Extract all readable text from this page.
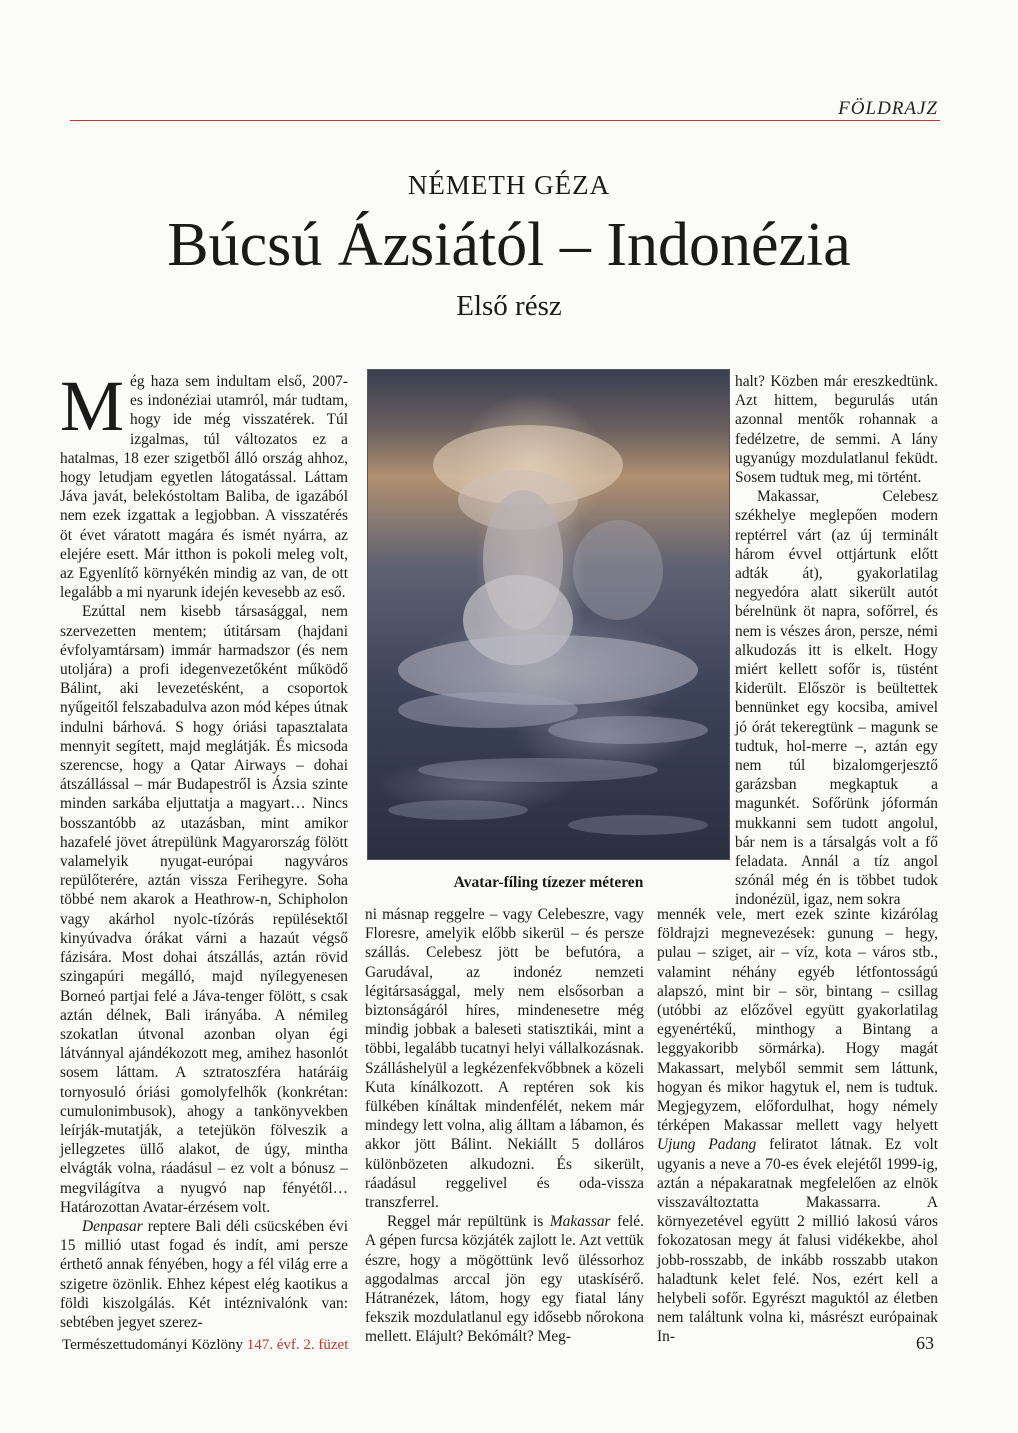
FÖLDRAJZ
NÉMETH GÉZA
Búcsú Ázsiától – Indonézia
Első rész

Még haza sem indultam első, 2007-es indonéziai utamról, már tudtam, hogy ide még visszatérek. Túl izgalmas, túl változatos ez a hatalmas, 18 ezer szigetből álló ország ahhoz, hogy letudjam egyetlen látogatással. Láttam Jáva javát, belekóstoltam Baliba, de igazából nem ezek izgattak a legjobban. A visszatérés öt évet váratott magára és ismét nyárra, az elejére esett. Már itthon is pokoli meleg volt, az Egyenlítő környékén mindig az van, de ott legalább a mi nyarunk idején kevesebb az eső.

Ezúttal nem kisebb társasággal, nem szervezetten mentem; útitársam (hajdani évfolyamtársam) immár harmadszor (és nem utoljára) a profi idegenvezetőként működő Bálint, aki levezetésként, a csoportok nyűgeitől felszabadulva azon mód képes útnak indulni bárhová. S hogy óriási tapasztalata mennyit segített, majd meglátják. És micsoda szerencse, hogy a Qatar Airways – dohai átszállással – már Budapestről is Ázsia szinte minden sarkába eljuttatja a magyart… Nincs bosszantóbb az utazásban, mint amikor hazafelé jövet átrepülünk Magyarország fölött valamelyik nyugat-európai nagyváros repülőterére, aztán vissza Ferihegyre. Soha többé nem akarok a Heathrow-n, Schipholon vagy akárhol nyolc-tízórás repülésektől kinyúvadva órákat várni a hazaút végső fázisára. Most dohai átszállás, aztán rövid szingapúri megálló, majd nyílegyenesen Borneó partjai felé a Jáva-tenger fölött, s csak aztán délnek, Bali irányába. A némileg szokatlan útvonal azonban olyan égi látvánnyal ajándékozott meg, amihez hasonlót sosem láttam. A sztratoszféra határáig tornyosuló óriási gomolyfelhők (konkrétan: cumulonimbusok), ahogy a tankönyvekben leírják-mutatják, a tetejükön fölveszik a jellegzetes üllő alakot, de úgy, mintha elvágták volna, ráadásul – ez volt a bónusz – megvilágítva a nyugvó nap fényétől… Határozottan Avatar-érzésem volt.

Denpasar reptere Bali déli csücskében évi 15 millió utast fogad és indít, ami persze érthető annak fényében, hogy a fél világ erre a szigetre özönlik. Ehhez képest elég kaotikus a földi kiszolgálás. Két intéznivalónk van: sebtében jegyet szerez-

Avatar-fíling tízezer méteren

ni másnap reggelre – vagy Celebeszre, vagy Floresre, amelyik előbb sikerül – és persze szállás. Celebesz jött be befutóra, a Garudával, az indonéz nemzeti légitársasággal, mely nem elsősorban a biztonságáról híres, mindenesetre még mindig jobbak a baleseti statisztikái, mint a többi, legalább tucatnyi helyi vállalkozásnak. Szálláshelyül a legkézenfekvőbbnek a közeli Kuta kínálkozott. A reptéren sok kis fülkében kínáltak mindenfélét, nekem már mindegy lett volna, alig álltam a lábamon, és akkor jött Bálint. Nekiállt 5 dolláros különbözeten alkudozni. És sikerült, ráadásul reggelivel és oda-vissza transzferrel.

Reggel már repültünk is Makassar felé. A gépen furcsa közjáték zajlott le. Azt vettük észre, hogy a mögöttünk levő üléssorhoz aggodalmas arccal jön egy utaskísérő. Hátranézek, látom, hogy egy fiatal lány fekszik mozdulatlanul egy idősebb nőrokona mellett. Elájult? Bekómált? Meg-

halt? Közben már ereszkedtünk. Azt hittem, begurulás után azonnal mentők rohannak a fedélzetre, de semmi. A lány ugyanúgy mozdulatlanul feküdt. Sosem tudtuk meg, mi történt.

Makassar, Celebesz székhelye meglepően modern reptérrel várt (az új terminált három évvel ottjártunk előtt adták át), gyakorlatilag negyedóra alatt sikerült autót bérelnünk öt napra, sofőrrel, és nem is vészes áron, persze, némi alkudozás itt is elkelt. Hogy miért kellett sofőr is, tüstént kiderült. Először is beültettek bennünket egy kocsiba, amivel jó órát tekeregtünk – magunk se tudtuk, hol-merre –, aztán egy nem túl bizalomgerjesztő garázsban megkaptuk a magunkét. Sofőrünk jóformán mukkanni sem tudott angolul, bár nem is a társalgás volt a fő feladata. Annál a tíz angol szónál még én is többet tudok indonézül, igaz, nem sokra

mennék vele, mert ezek szinte kizárólag földrajzi megnevezések: gunung – hegy, pulau – sziget, air – víz, kota – város stb., valamint néhány egyéb létfontosságú alapszó, mint bir – sör, bintang – csillag (utóbbi az előzővel együtt gyakorlatilag egyenértékű, minthogy a Bintang a leggyakoribb sörmárka). Hogy magát Makassart, melyből semmit sem láttunk, hogyan és mikor hagytuk el, nem is tudtuk. Megjegyzem, előfordulhat, hogy némely térképen Makassar mellett vagy helyett Ujung Padang feliratot látnak. Ez volt ugyanis a neve a 70-es évek elejétől 1999-ig, aztán a népakaratnak megfelelően az elnök visszaváltoztatta Makassarra. A környezetével együtt 2 millió lakosú város fokozatosan megy át falusi vidékekbe, ahol jobb-rosszabb, de inkább rosszabb utakon haladtunk kelet felé. Nos, ezért kell a helybeli sofőr. Egyrészt maguktól az életben nem találtunk volna ki, másrészt európainak In-

Természettudományi Közlöny 147. évf. 2. füzet	63
